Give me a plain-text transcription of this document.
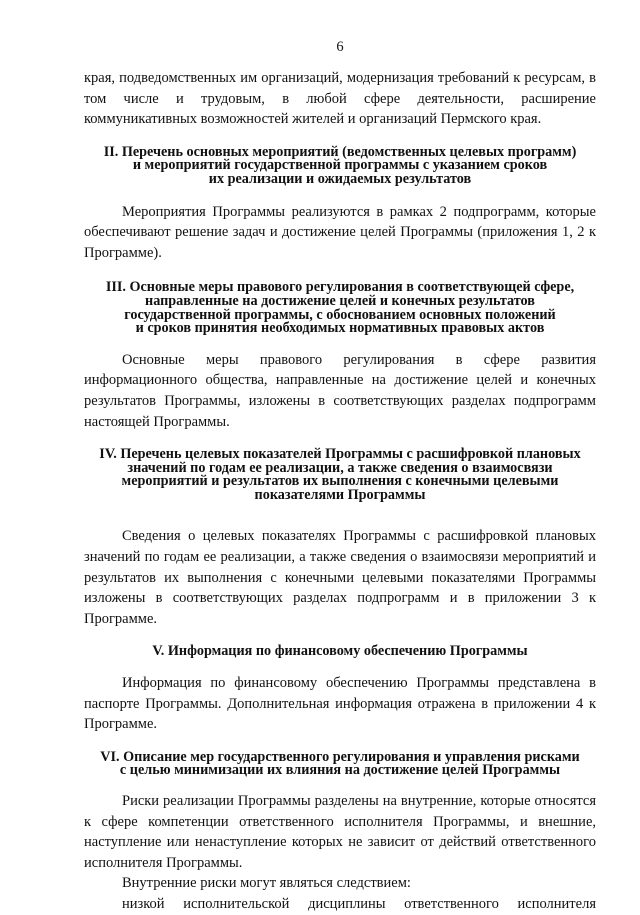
6

края, подведомственных им организаций, модернизация требований к ресурсам, в том числе и трудовым, в любой сфере деятельности, расширение коммуникативных возможностей жителей и организаций Пермского края.

II. Перечень основных мероприятий (ведомственных целевых программ)
и мероприятий государственной программы с указанием сроков
их реализации и ожидаемых результатов

Мероприятия Программы реализуются в рамках 2 подпрограмм, которые обеспечивают решение задач и достижение целей Программы (приложения 1, 2 к Программе).

III. Основные меры правового регулирования в соответствующей сфере,
направленные на достижение целей и конечных результатов
государственной программы, с обоснованием основных положений
и сроков принятия необходимых нормативных правовых актов

Основные меры правового регулирования в сфере развития информационного общества, направленные на достижение целей и конечных результатов Программы, изложены в соответствующих разделах подпрограмм настоящей Программы.

IV. Перечень целевых показателей Программы с расшифровкой плановых
значений по годам ее реализации, а также сведения о взаимосвязи
мероприятий и результатов их выполнения с конечными целевыми
показателями Программы

Сведения о целевых показателях Программы с расшифровкой плановых значений по годам ее реализации, а также сведения о взаимосвязи мероприятий и результатов их выполнения с конечными целевыми показателями Программы изложены в соответствующих разделах подпрограмм и в приложении 3 к Программе.

V. Информация по финансовому обеспечению Программы

Информация по финансовому обеспечению Программы представлена в паспорте Программы. Дополнительная информация отражена в приложении 4 к Программе.

VI. Описание мер государственного регулирования и управления рисками
с целью минимизации их влияния на достижение целей Программы

Риски реализации Программы разделены на внутренние, которые относятся к сфере компетенции ответственного исполнителя Программы, и внешние, наступление или ненаступление которых не зависит от действий ответственного исполнителя Программы.

Внутренние риски могут являться следствием:

низкой исполнительской дисциплины ответственного исполнителя
